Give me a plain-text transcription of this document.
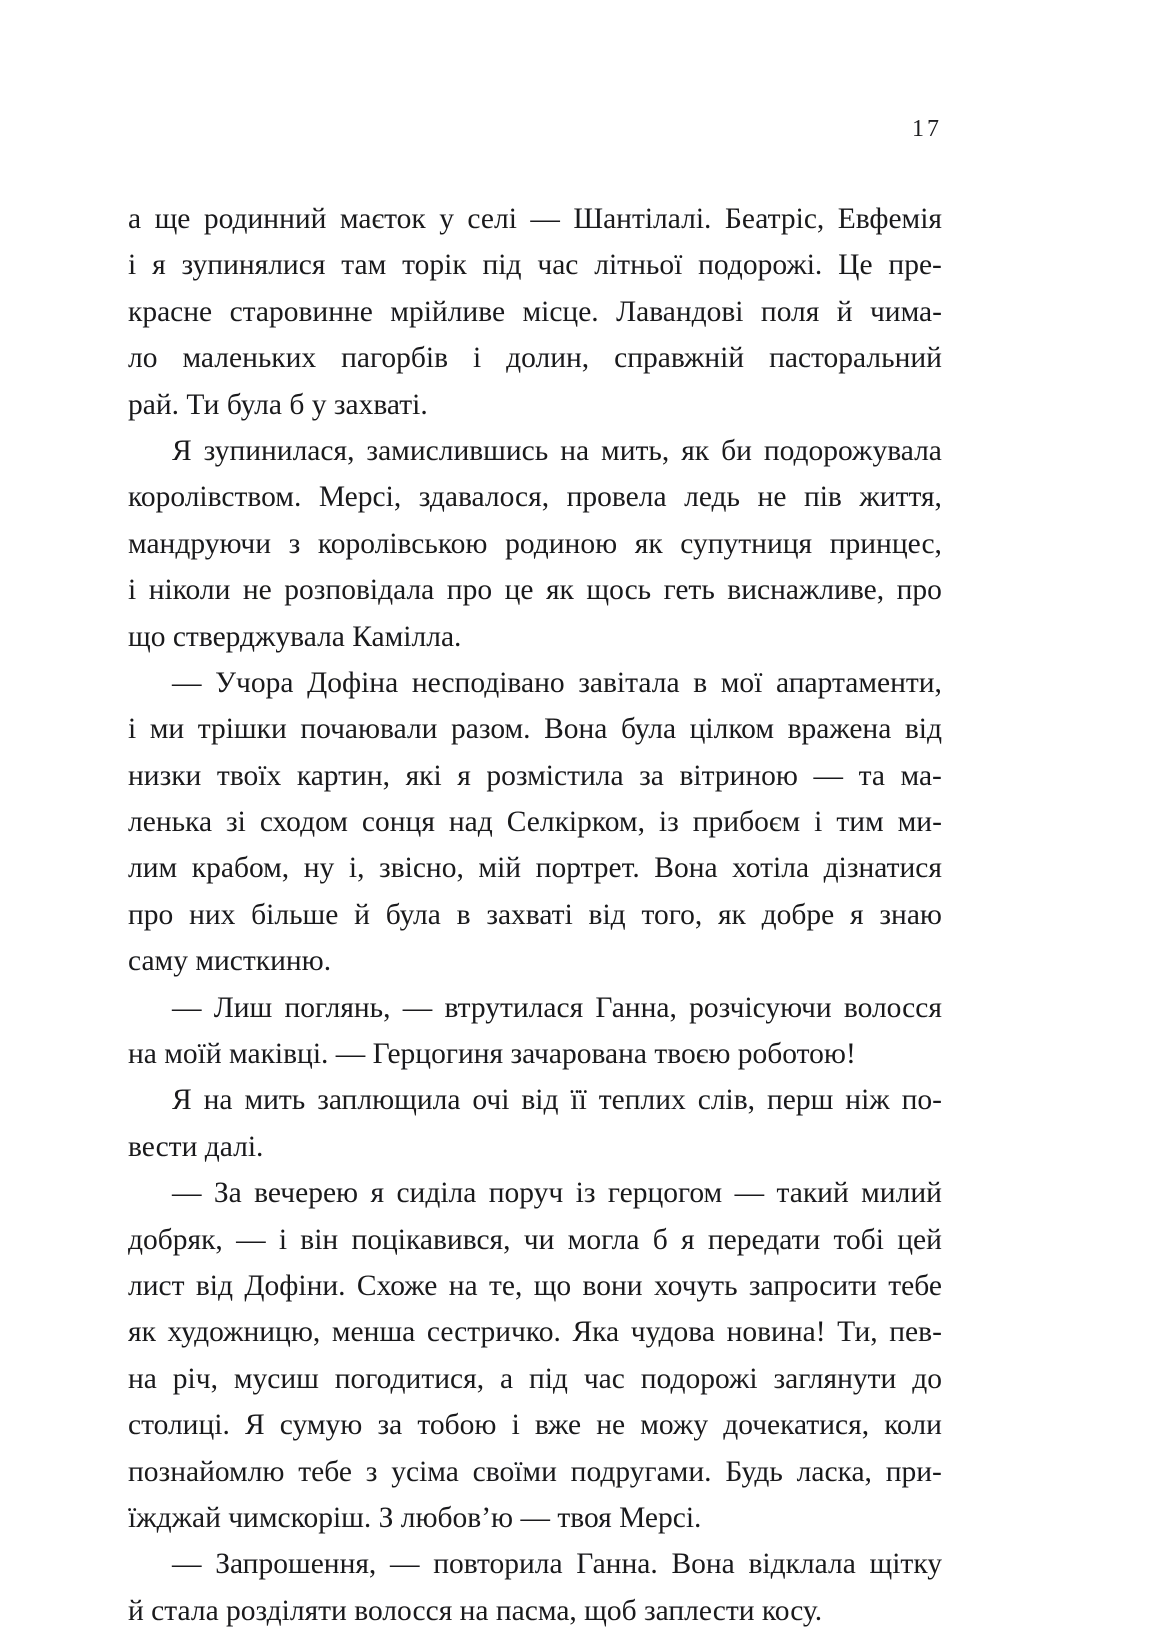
17

а ще родинний маєток у селі — Шантілалі. Беатріс, Евфемія
і я зупинялися там торік під час літньої подорожі. Це пре-
красне старовинне мрійливе місце. Лавандові поля й чима-
ло маленьких пагорбів і долин, справжній пасторальний
рай. Ти була б у захваті.

Я зупинилася, замислившись на мить, як би подорожувала
королівством. Мерсі, здавалося, провела ледь не пів життя,
мандруючи з королівською родиною як супутниця принцес,
і ніколи не розповідала про це як щось геть виснажливе, про
що стверджувала Камілла.

— Учора Дофіна несподівано завітала в мої апартаменти,
і ми трішки почаювали разом. Вона була цілком вражена від
низки твоїх картин, які я розмістила за вітриною — та ма-
ленька зі сходом сонця над Селкірком, із прибоєм і тим ми-
лим крабом, ну і, звісно, мій портрет. Вона хотіла дізнатися
про них більше й була в захваті від того, як добре я знаю
саму мисткиню.

— Лиш поглянь, — втрутилася Ганна, розчісуючи волосся
на моїй маківці. — Герцогиня зачарована твоєю роботою!

Я на мить заплющила очі від її теплих слів, перш ніж по-
вести далі.

— За вечерею я сиділа поруч із герцогом — такий милий
добряк, — і він поцікавився, чи могла б я передати тобі цей
лист від Дофіни. Схоже на те, що вони хочуть запросити тебе
як художницю, менша сестричко. Яка чудова новина! Ти, пев-
на річ, мусиш погодитися, а під час подорожі заглянути до
столиці. Я сумую за тобою і вже не можу дочекатися, коли
познайомлю тебе з усіма своїми подругами. Будь ласка, при-
їжджай чимскоріш. З любов’ю — твоя Мерсі.

— Запрошення, — повторила Ганна. Вона відклала щітку
й стала розділяти волосся на пасма, щоб заплести косу.
